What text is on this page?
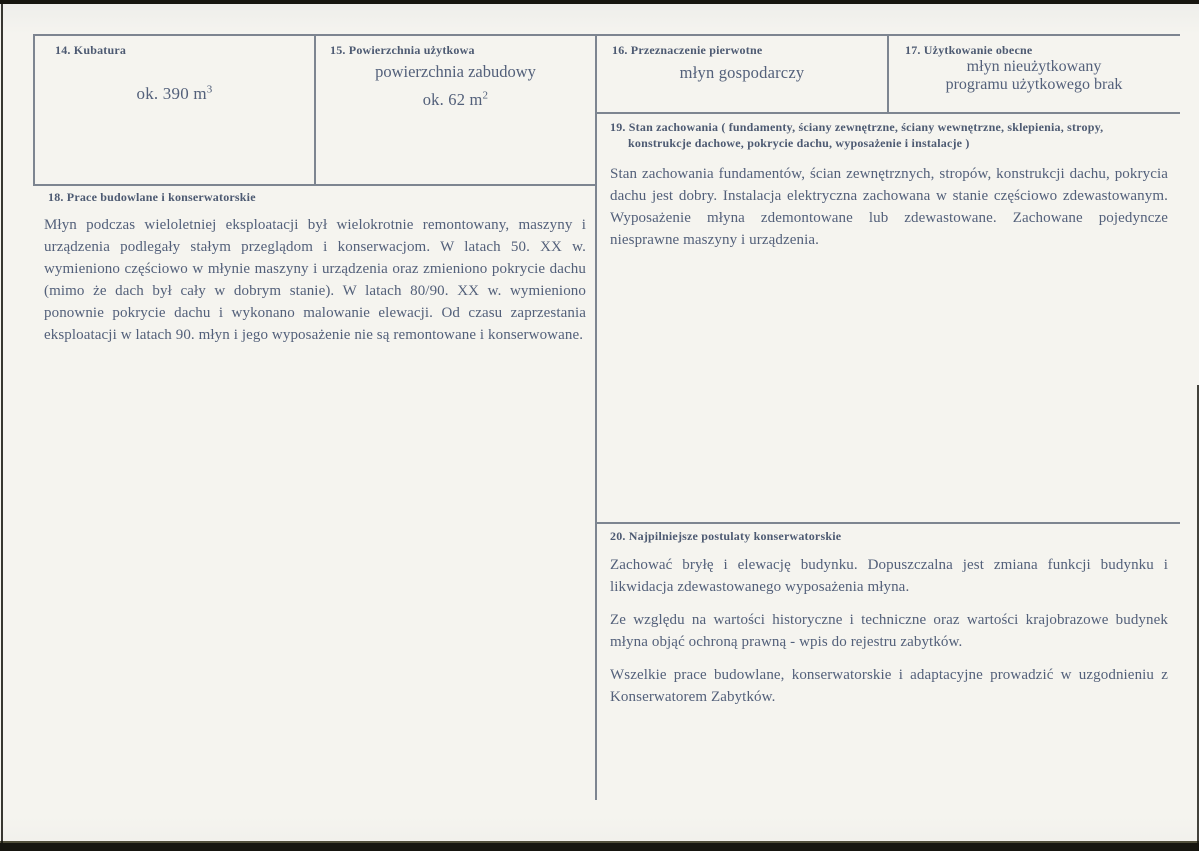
14. Kubatura
ok. 390 $m^3$
15. Powierzchnia użytkowa
powierzchnia zabudowy
ok. 62 $m^2$
16. Przeznaczenie pierwotne
młyn gospodarczy
17. Użytkowanie obecne
młyn nieużytkowany
programu użytkowego brak
19. Stan zachowania ( fundamenty, ściany zewnętrzne, ściany wewnętrzne, sklepienia, stropy,
konstrukcje dachowe, pokrycie dachu, wyposażenie i instalacje )
Stan zachowania fundamentów, ścian zewnętrznych, stropów, konstrukcji dachu, pokrycia dachu jest dobry. Instalacja elektryczna zachowana w stanie częściowo zdewastowanym. Wyposażenie młyna zdemontowane lub zdewastowane. Zachowane pojedyncze niesprawne maszyny i urządzenia.
18. Prace budowlane i konserwatorskie
Młyn podczas wieloletniej eksploatacji był wielokrotnie remontowany, maszyny i urządzenia podlegały stałym przeglądom i konserwacjom. W latach 50. XX w. wymieniono częściowo w młynie maszyny i urządzenia oraz zmieniono pokrycie dachu (mimo że dach był cały w dobrym stanie). W latach 80/90. XX w. wymieniono ponownie pokrycie dachu i wykonano malowanie elewacji. Od czasu zaprzestania eksploatacji w latach 90. młyn i jego wyposażenie nie są remontowane i konserwowane.
20. Najpilniejsze postulaty konserwatorskie
Zachować bryłę i elewację budynku. Dopuszczalna jest zmiana funkcji budynku i likwidacja zdewastowanego wyposażenia młyna.
Ze względu na wartości historyczne i techniczne oraz wartości krajobrazowe budynek młyna objąć ochroną prawną - wpis do rejestru zabytków.
Wszelkie prace budowlane, konserwatorskie i adaptacyjne prowadzić w uzgodnieniu z Konserwatorem Zabytków.
